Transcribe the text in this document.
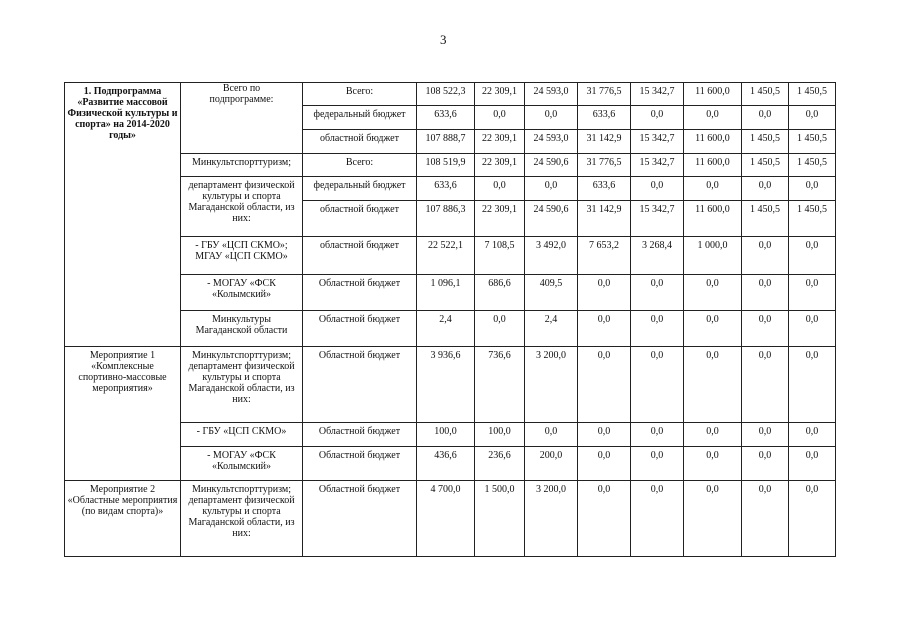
3
1. Подпрограмма «Развитие массовой Физической культуры и спорта» на 2014-2020 годы»	Всего по подпрограмме:	Всего:	108 522,3	22 309,1	24 593,0	31 776,5	15 342,7	11 600,0	1 450,5	1 450,5
		федеральный бюджет	633,6	0,0	0,0	633,6	0,0	0,0	0,0	0,0
		областной бюджет	107 888,7	22 309,1	24 593,0	31 142,9	15 342,7	11 600,0	1 450,5	1 450,5
	Минкультспорттуризм;	Всего:	108 519,9	22 309,1	24 590,6	31 776,5	15 342,7	11 600,0	1 450,5	1 450,5
	департамент физической культуры и спорта Магаданской области, из них:	федеральный бюджет	633,6	0,0	0,0	633,6	0,0	0,0	0,0	0,0
		областной бюджет	107 886,3	22 309,1	24 590,6	31 142,9	15 342,7	11 600,0	1 450,5	1 450,5
	- ГБУ «ЦСП СКМО»; МГАУ «ЦСП СКМО»	областной бюджет	22 522,1	7 108,5	3 492,0	7 653,2	3 268,4	1 000,0	0,0	0,0
	- МОГАУ «ФСК «Колымский»	Областной бюджет	1 096,1	686,6	409,5	0,0	0,0	0,0	0,0	0,0
	Минкультуры Магаданской области	Областной бюджет	2,4	0,0	2,4	0,0	0,0	0,0	0,0	0,0
Мероприятие 1 «Комплексные спортивно-массовые мероприятия»	Минкультспорттуризм; департамент физической культуры и спорта Магаданской области, из них:	Областной бюджет	3 936,6	736,6	3 200,0	0,0	0,0	0,0	0,0	0,0
	- ГБУ «ЦСП СКМО»	Областной бюджет	100,0	100,0	0,0	0,0	0,0	0,0	0,0	0,0
	- МОГАУ «ФСК «Колымский»	Областной бюджет	436,6	236,6	200,0	0,0	0,0	0,0	0,0	0,0
Мероприятие 2 «Областные мероприятия (по видам спорта)»	Минкультспорттуризм; департамент физической культуры и спорта Магаданской области, из них:	Областной бюджет	4 700,0	1 500,0	3 200,0	0,0	0,0	0,0	0,0	0,0
